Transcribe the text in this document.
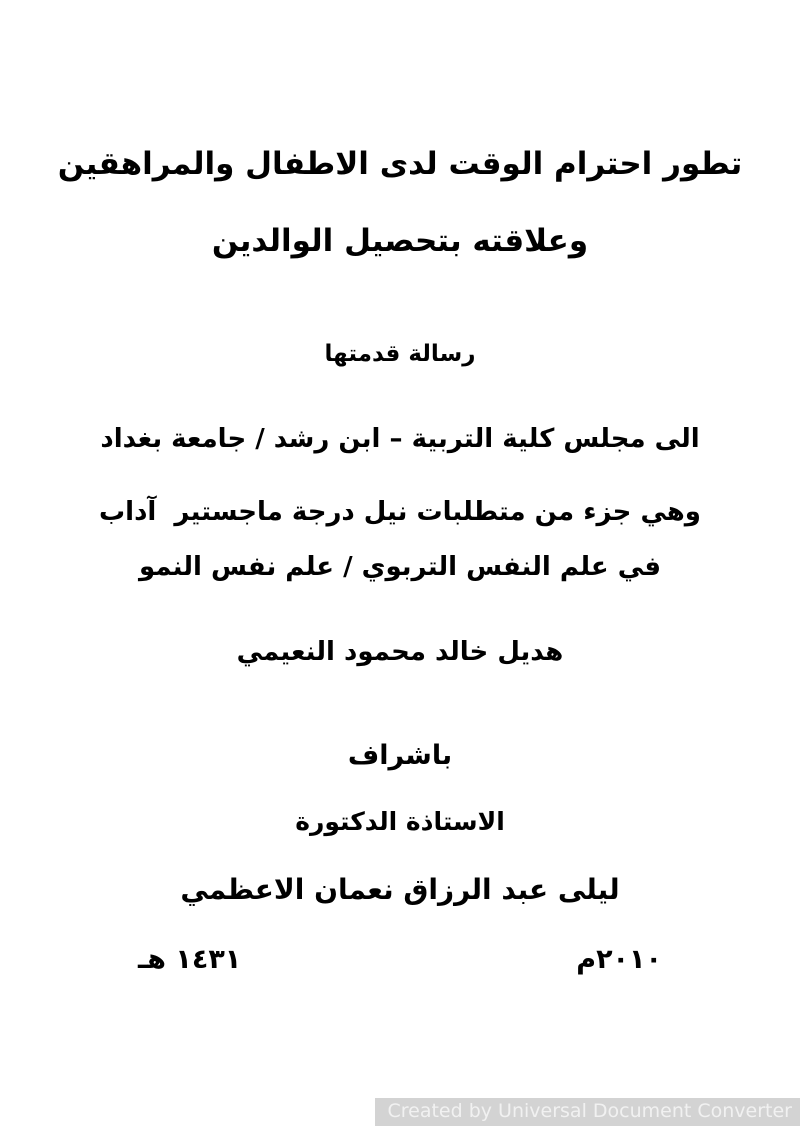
تطور احترام الوقت لدى الاطفال والمراهقين
وعلاقته بتحصيل الوالدين
رسالة قدمتها
الى مجلس كلية التربية – ابن رشد / جامعة بغداد
وهي جزء من متطلبات نيل درجة ماجستير  آداب
في علم النفس التربوي / علم نفس النمو
هديل خالد محمود النعيمي
باشراف
الاستاذة الدكتورة
ليلى عبد الرزاق نعمان الاعظمي
٢٠١٠م
١٤٣١ هـ
Created by Universal Document Converter
